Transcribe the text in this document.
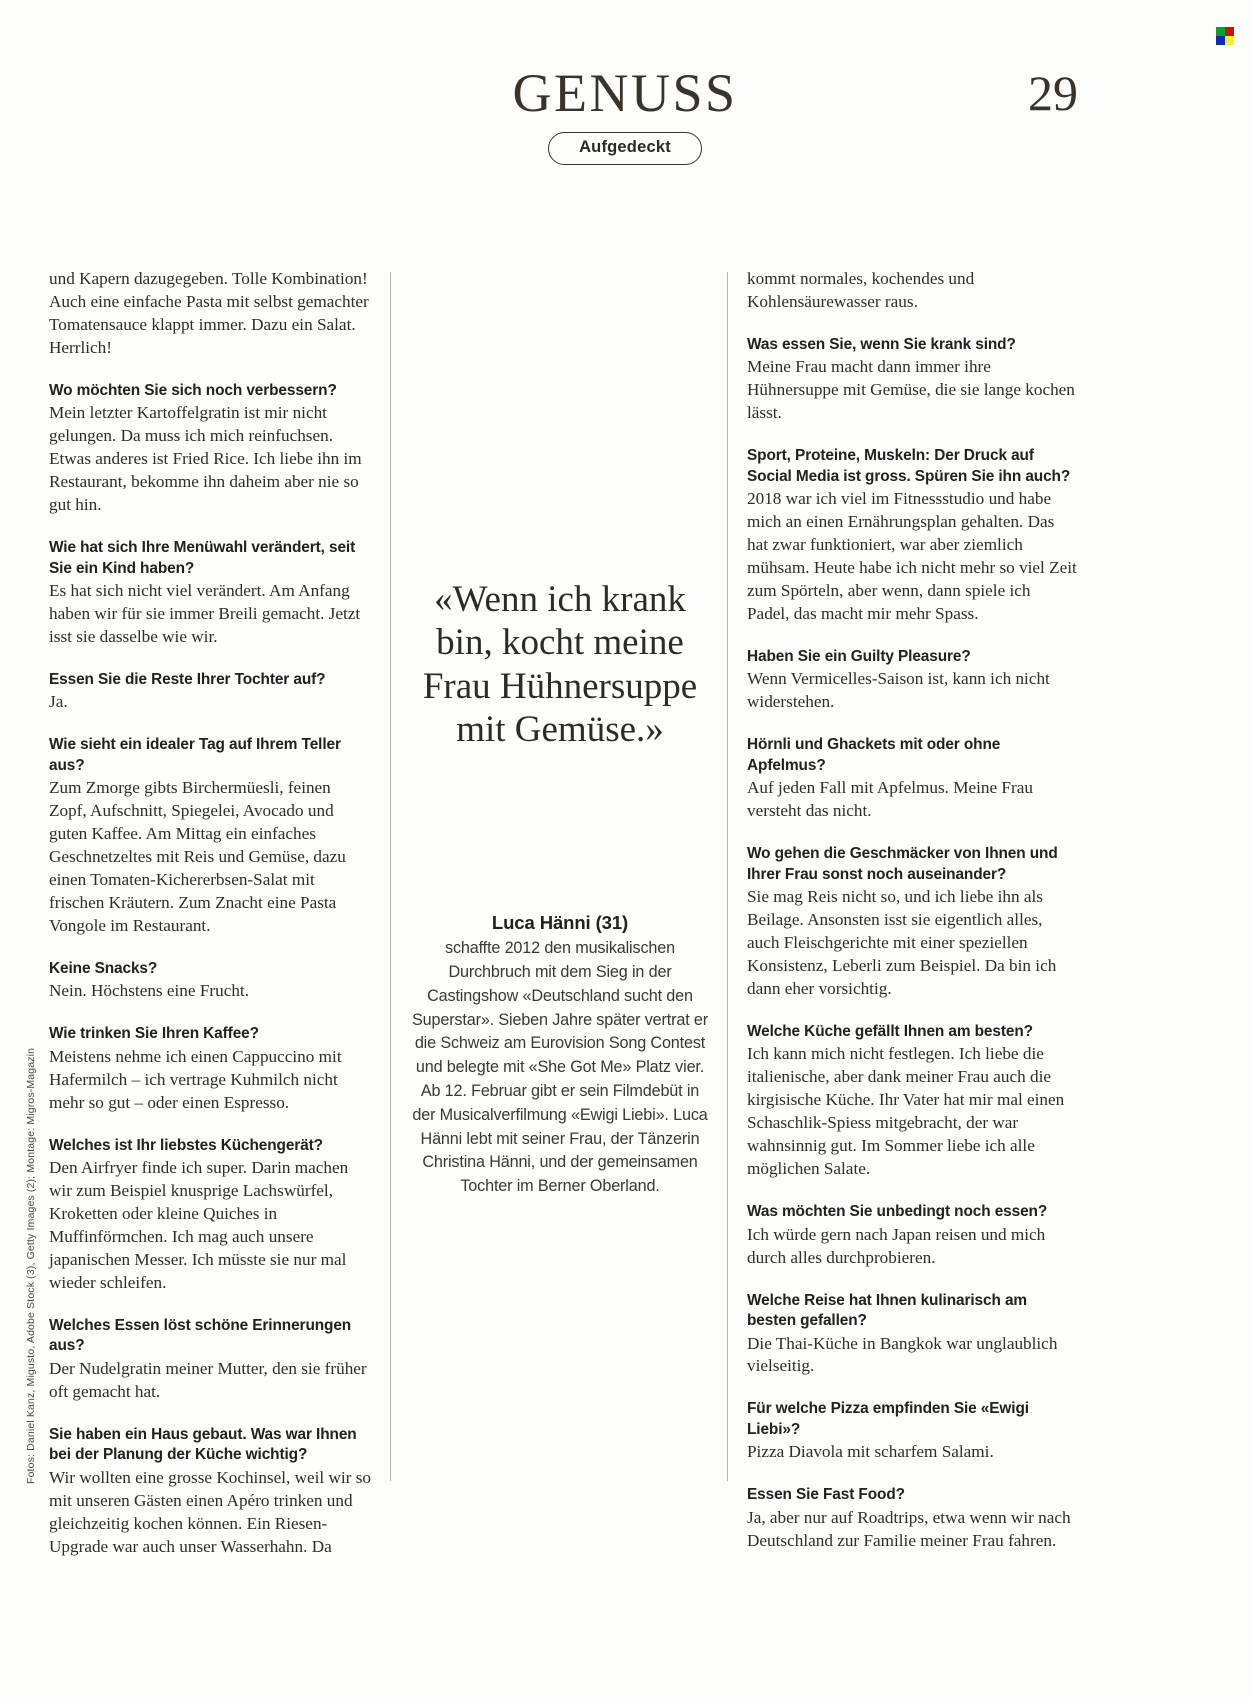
GENUSS
Aufgedeckt
29
Fotos: Daniel Kanz, Migusto, Adobe Stock (3), Getty Images (2); Montage: Migros-Magazin

und Kapern dazugegeben. Tolle Kombination! Auch eine einfache Pasta mit selbst gemachter Tomatensauce klappt immer. Dazu ein Salat. Herrlich!

Wo möchten Sie sich noch verbessern?

Mein letzter Kartoffelgratin ist mir nicht gelungen. Da muss ich mich reinfuchsen. Etwas anderes ist Fried Rice. Ich liebe ihn im Restaurant, bekomme ihn daheim aber nie so gut hin.

Wie hat sich Ihre Menüwahl verändert, seit Sie ein Kind haben?

Es hat sich nicht viel verändert. Am Anfang haben wir für sie immer Breili gemacht. Jetzt isst sie dasselbe wie wir.

Essen Sie die Reste Ihrer Tochter auf?

Ja.

Wie sieht ein idealer Tag auf Ihrem Teller aus?

Zum Zmorge gibts Birchermüesli, feinen Zopf, Aufschnitt, Spiegelei, Avocado und guten Kaffee. Am Mittag ein einfaches Geschnetzeltes mit Reis und Gemüse, dazu einen Tomaten-Kichererbsen-Salat mit frischen Kräutern. Zum Znacht eine Pasta Vongole im Restaurant.

Keine Snacks?

Nein. Höchstens eine Frucht.

Wie trinken Sie Ihren Kaffee?

Meistens nehme ich einen Cappuccino mit Hafermilch – ich vertrage Kuhmilch nicht mehr so gut – oder einen Espresso.

Welches ist Ihr liebstes Küchengerät?

Den Airfryer finde ich super. Darin machen wir zum Beispiel knusprige Lachswürfel, Kroketten oder kleine Quiches in Muffinförmchen. Ich mag auch unsere japanischen Messer. Ich müsste sie nur mal wieder schleifen.

Welches Essen löst schöne Erinnerungen aus?

Der Nudelgratin meiner Mutter, den sie früher oft gemacht hat.

Sie haben ein Haus gebaut. Was war Ihnen bei der Planung der Küche wichtig?

Wir wollten eine grosse Kochinsel, weil wir so mit unseren Gästen einen Apéro trinken und gleichzeitig kochen können. Ein Riesen-Upgrade war auch unser Wasserhahn. Da

«Wenn ich krank bin, kocht meine Frau Hühnersuppe mit Gemüse.»

Luca Hänni (31)
schaffte 2012 den musikalischen Durchbruch mit dem Sieg in der Castingshow «Deutschland sucht den Superstar». Sieben Jahre später vertrat er die Schweiz am Eurovision Song Contest und belegte mit «She Got Me» Platz vier. Ab 12. Februar gibt er sein Filmdebüt in der Musicalverfilmung «Ewigi Liebi». Luca Hänni lebt mit seiner Frau, der Tänzerin Christina Hänni, und der gemeinsamen Tochter im Berner Oberland.

kommt normales, kochendes und Kohlensäurewasser raus.

Was essen Sie, wenn Sie krank sind?

Meine Frau macht dann immer ihre Hühnersuppe mit Gemüse, die sie lange kochen lässt.

Sport, Proteine, Muskeln: Der Druck auf Social Media ist gross. Spüren Sie ihn auch?

2018 war ich viel im Fitnessstudio und habe mich an einen Ernährungsplan gehalten. Das hat zwar funktioniert, war aber ziemlich mühsam. Heute habe ich nicht mehr so viel Zeit zum Spörteln, aber wenn, dann spiele ich Padel, das macht mir mehr Spass.

Haben Sie ein Guilty Pleasure?

Wenn Vermicelles-Saison ist, kann ich nicht widerstehen.

Hörnli und Ghackets mit oder ohne Apfelmus?

Auf jeden Fall mit Apfelmus. Meine Frau versteht das nicht.

Wo gehen die Geschmäcker von Ihnen und Ihrer Frau sonst noch auseinander?

Sie mag Reis nicht so, und ich liebe ihn als Beilage. Ansonsten isst sie eigentlich alles, auch Fleischgerichte mit einer speziellen Konsistenz, Leberli zum Beispiel. Da bin ich dann eher vorsichtig.

Welche Küche gefällt Ihnen am besten?

Ich kann mich nicht festlegen. Ich liebe die italienische, aber dank meiner Frau auch die kirgisische Küche. Ihr Vater hat mir mal einen Schaschlik-Spiess mitgebracht, der war wahnsinnig gut. Im Sommer liebe ich alle möglichen Salate.

Was möchten Sie unbedingt noch essen?

Ich würde gern nach Japan reisen und mich durch alles durchprobieren.

Welche Reise hat Ihnen kulinarisch am besten gefallen?

Die Thai-Küche in Bangkok war unglaublich vielseitig.

Für welche Pizza empfinden Sie «Ewigi Liebi»?

Pizza Diavola mit scharfem Salami.

Essen Sie Fast Food?

Ja, aber nur auf Roadtrips, etwa wenn wir nach Deutschland zur Familie meiner Frau fahren.
